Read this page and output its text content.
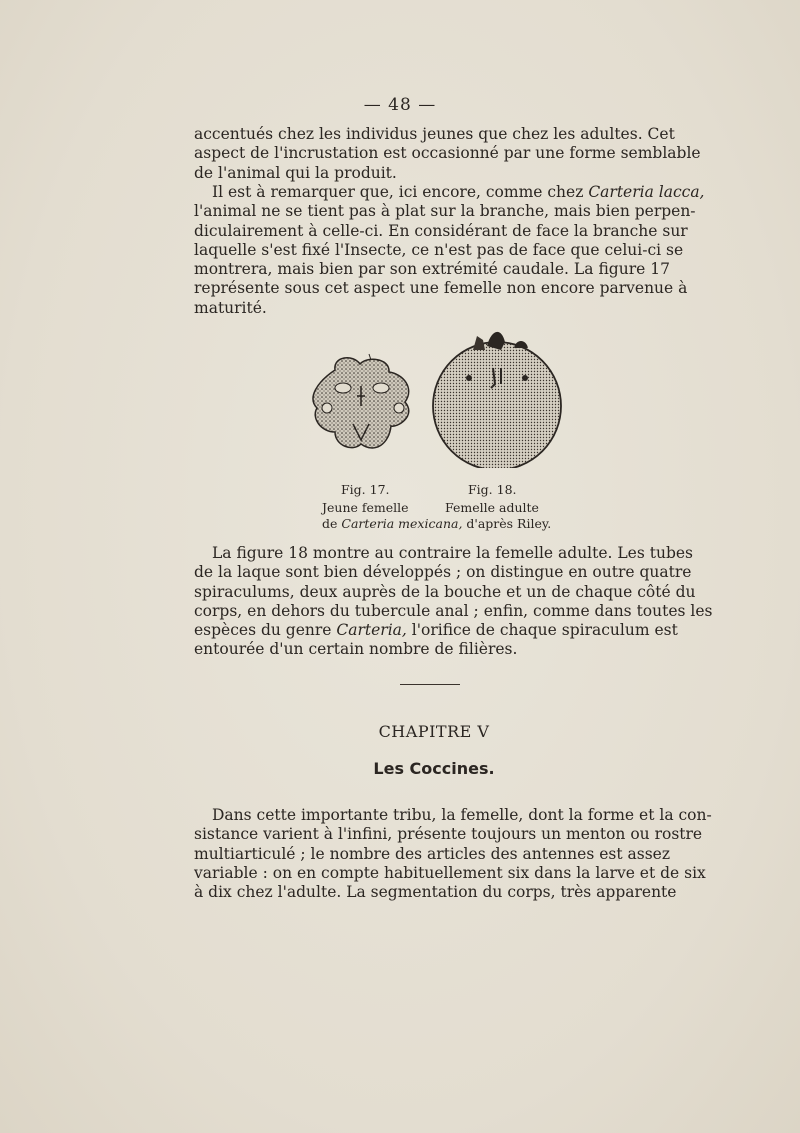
— 48 —
accentués chez les individus jeunes que chez les adultes. Cet
aspect de l'incrustation est occasionné par une forme semblable
de l'animal qui la produit.
Il est à remarquer que, ici encore, comme chez Carteria lacca,
l'animal ne se tient pas à plat sur la branche, mais bien perpen-
diculairement à celle-ci. En considérant de face la branche sur
laquelle s'est fixé l'Insecte, ce n'est pas de face que celui-ci se
montrera, mais bien par son extrémité caudale. La figure 17
représente sous cet aspect une femelle non encore parvenue à
maturité.
Fig. 17.	Fig. 18.
Jeune femelle	Femelle adulte
de Carteria mexicana, d'après Riley.
La figure 18 montre au contraire la femelle adulte. Les tubes
de la laque sont bien développés ; on distingue en outre quatre
spiraculums, deux auprès de la bouche et un de chaque côté du
corps, en dehors du tubercule anal ; enfin, comme dans toutes les
espèces du genre Carteria, l'orifice de chaque spiraculum est
entourée d'un certain nombre de filières.
CHAPITRE V
Les Coccines.
Dans cette importante tribu, la femelle, dont la forme et la con-
sistance varient à l'infini, présente toujours un menton ou rostre
multiarticulé ; le nombre des articles des antennes est assez
variable : on en compte habituellement six dans la larve et de six
à dix chez l'adulte. La segmentation du corps, très apparente
